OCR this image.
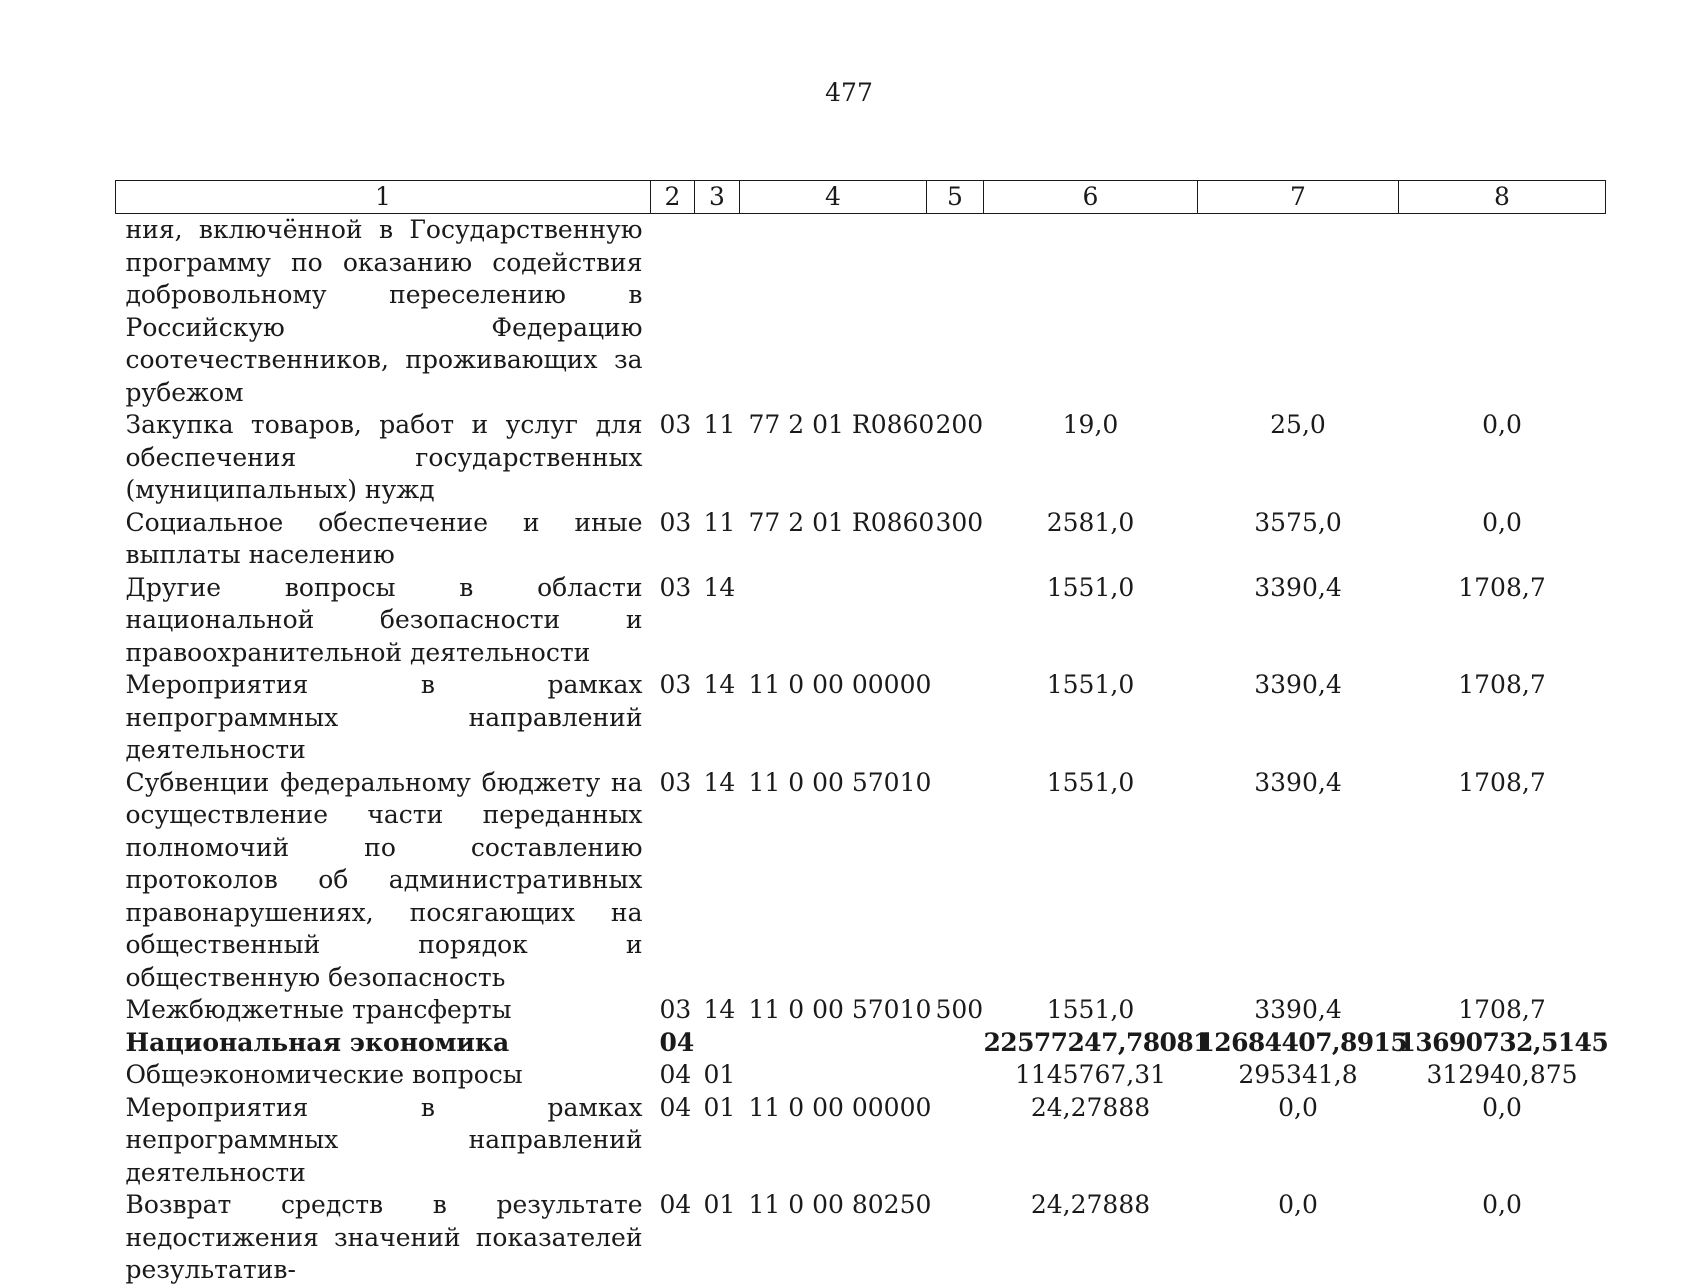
477
1	2	3	4	5	6	7	8
ния, включённой в Государственную программу по оказанию содействия добровольному переселению в Российскую Федерацию соотечественников, проживающих за рубежом							
Закупка товаров, работ и услуг для обеспечения государственных (муниципальных) нужд	03	11	77 2 01 R0860	200	19,0	25,0	0,0
Социальное обеспечение и иные выплаты населению	03	11	77 2 01 R0860	300	2581,0	3575,0	0,0
Другие вопросы в области национальной безопасности и правоохранительной деятельности	03	14			1551,0	3390,4	1708,7
Мероприятия в рамках непрограммных направлений деятельности	03	14	11 0 00 00000		1551,0	3390,4	1708,7
Субвенции федеральному бюджету на осуществление части переданных полномочий по составлению протоколов об административных правонарушениях, посягающих на общественный порядок и общественную безопасность	03	14	11 0 00 57010		1551,0	3390,4	1708,7
Межбюджетные трансферты	03	14	11 0 00 57010	500	1551,0	3390,4	1708,7
Национальная экономика	04				22577247,78081	12684407,8915	13690732,5145
Общеэкономические вопросы	04	01			1145767,31	295341,8	312940,875
Мероприятия в рамках непрограммных направлений деятельности	04	01	11 0 00 00000		24,27888	0,0	0,0
Возврат средств в результате недостижения значений показателей результатив-	04	01	11 0 00 80250		24,27888	0,0	0,0
